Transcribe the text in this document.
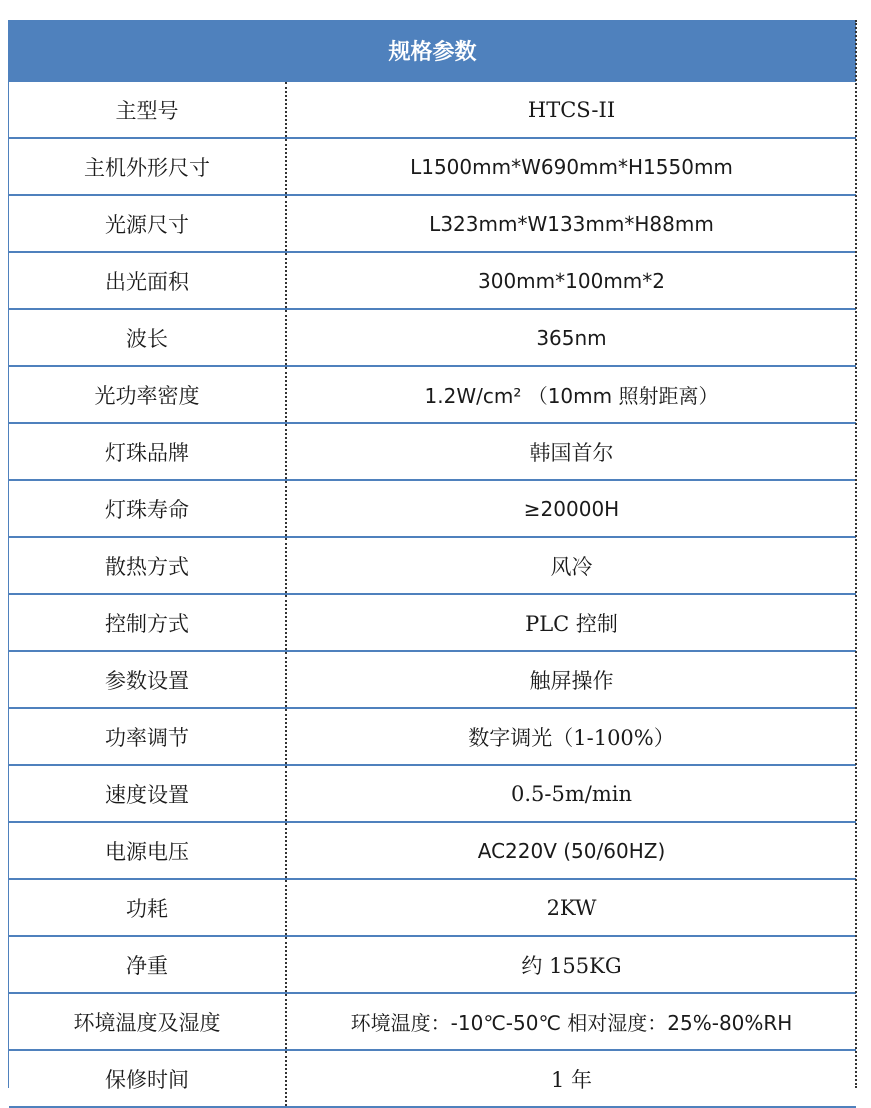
规格参数	
主型号	HTCS-II
主机外形尺寸	L1500mm*W690mm*H1550mm
光源尺寸	L323mm*W133mm*H88mm
出光面积	300mm*100mm*2
波长	365nm
光功率密度	1.2W/cm² （10mm 照射距离）
灯珠品牌	韩国首尔
灯珠寿命	≥20000H
散热方式	风冷
控制方式	PLC 控制
参数设置	触屏操作
功率调节	数字调光（1-100%）
速度设置	0.5-5m/min
电源电压	AC220V (50/60HZ)
功耗	2KW
净重	约 155KG
环境温度及湿度	环境温度：-10℃-50℃ 相对湿度：25%-80%RH
保修时间	1 年
